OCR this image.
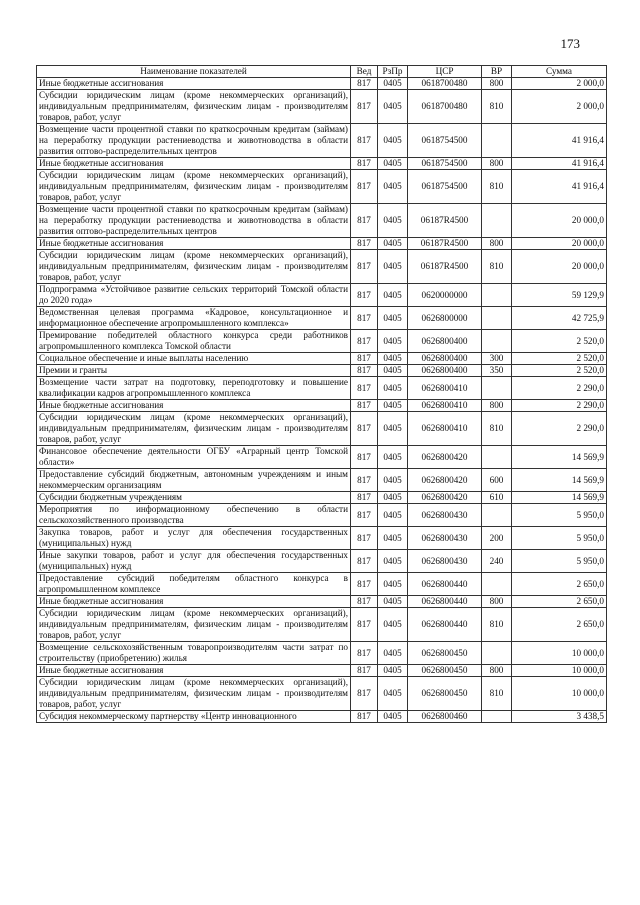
173
Наименование показателей	Вед	РзПр	ЦСР	ВР	Сумма
Иные бюджетные ассигнования	817	0405	0618700480	800	2 000,0
Субсидии юридическим лицам (кроме некоммерческих организаций), индивидуальным предпринимателям, физическим лицам - производителям товаров, работ, услуг	817	0405	0618700480	810	2 000,0
Возмещение части процентной ставки по краткосрочным кредитам (займам) на переработку продукции растениеводства и животноводства в области развития оптово-распределительных центров	817	0405	0618754500		41 916,4
Иные бюджетные ассигнования	817	0405	0618754500	800	41 916,4
Субсидии юридическим лицам (кроме некоммерческих организаций), индивидуальным предпринимателям, физическим лицам - производителям товаров, работ, услуг	817	0405	0618754500	810	41 916,4
Возмещение части процентной ставки по краткосрочным кредитам (займам) на переработку продукции растениеводства и животноводства в области развития оптово-распределительных центров	817	0405	06187R4500		20 000,0
Иные бюджетные ассигнования	817	0405	06187R4500	800	20 000,0
Субсидии юридическим лицам (кроме некоммерческих организаций), индивидуальным предпринимателям, физическим лицам - производителям товаров, работ, услуг	817	0405	06187R4500	810	20 000,0
Подпрограмма «Устойчивое развитие сельских территорий Томской области до 2020 года»	817	0405	0620000000		59 129,9
Ведомственная целевая программа «Кадровое, консультационное и информационное обеспечение агропромышленного комплекса»	817	0405	0626800000		42 725,9
Премирование победителей областного конкурса среди работников агропромышленного комплекса Томской области	817	0405	0626800400		2 520,0
Социальное обеспечение и иные выплаты населению	817	0405	0626800400	300	2 520,0
Премии и гранты	817	0405	0626800400	350	2 520,0
Возмещение части затрат на подготовку, переподготовку и повышение квалификации кадров агропромышленного комплекса	817	0405	0626800410		2 290,0
Иные бюджетные ассигнования	817	0405	0626800410	800	2 290,0
Субсидии юридическим лицам (кроме некоммерческих организаций), индивидуальным предпринимателям, физическим лицам - производителям товаров, работ, услуг	817	0405	0626800410	810	2 290,0
Финансовое обеспечение деятельности ОГБУ «Аграрный центр Томской области»	817	0405	0626800420		14 569,9
Предоставление субсидий бюджетным, автономным учреждениям и иным некоммерческим организациям	817	0405	0626800420	600	14 569,9
Субсидии бюджетным учреждениям	817	0405	0626800420	610	14 569,9
Мероприятия по информационному обеспечению в области сельскохозяйственного производства	817	0405	0626800430		5 950,0
Закупка товаров, работ и услуг для обеспечения государственных (муниципальных) нужд	817	0405	0626800430	200	5 950,0
Иные закупки товаров, работ и услуг для обеспечения государственных (муниципальных) нужд	817	0405	0626800430	240	5 950,0
Предоставление субсидий победителям областного конкурса в агропромышленном комплексе	817	0405	0626800440		2 650,0
Иные бюджетные ассигнования	817	0405	0626800440	800	2 650,0
Субсидии юридическим лицам (кроме некоммерческих организаций), индивидуальным предпринимателям, физическим лицам - производителям товаров, работ, услуг	817	0405	0626800440	810	2 650,0
Возмещение сельскохозяйственным товаропроизводителям части затрат по строительству (приобретению) жилья	817	0405	0626800450		10 000,0
Иные бюджетные ассигнования	817	0405	0626800450	800	10 000,0
Субсидии юридическим лицам (кроме некоммерческих организаций), индивидуальным предпринимателям, физическим лицам - производителям товаров, работ, услуг	817	0405	0626800450	810	10 000,0
Субсидия некоммерческому партнерству «Центр инновационного	817	0405	0626800460		3 438,5
